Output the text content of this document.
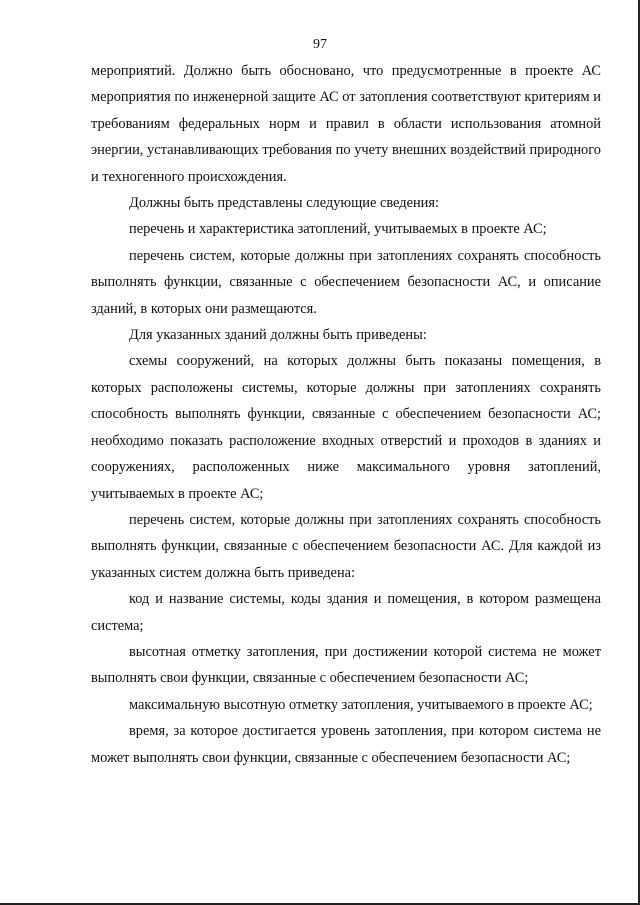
97

мероприятий. Должно быть обосновано, что предусмотренные в проекте АС мероприятия по инженерной защите АС от затопления соответствуют критериям и требованиям федеральных норм и правил в области использования атомной энергии, устанавливающих требования по учету внешних воздействий природного и техногенного происхождения.

Должны быть представлены следующие сведения:

перечень и характеристика затоплений, учитываемых в проекте АС;

перечень систем, которые должны при затоплениях сохранять способность выполнять функции, связанные с обеспечением безопасности АС, и описание зданий, в которых они размещаются.

Для указанных зданий должны быть приведены:

схемы сооружений, на которых должны быть показаны помещения, в которых расположены системы, которые должны при затоплениях сохранять способность выполнять функции, связанные с обеспечением безопасности АС; необходимо показать расположение входных отверстий и проходов в зданиях и сооружениях, расположенных ниже максимального уровня затоплений, учитываемых в проекте АС;

перечень систем, которые должны при затоплениях сохранять способность выполнять функции, связанные с обеспечением безопасности АС. Для каждой из указанных систем должна быть приведена:

код и название системы, коды здания и помещения, в котором размещена система;

высотная отметку затопления, при достижении которой система не может выполнять свои функции, связанные с обеспечением безопасности АС;

максимальную высотную отметку затопления, учитываемого в проекте АС;

время, за которое достигается уровень затопления, при котором система не может выполнять свои функции, связанные с обеспечением безопасности АС;
